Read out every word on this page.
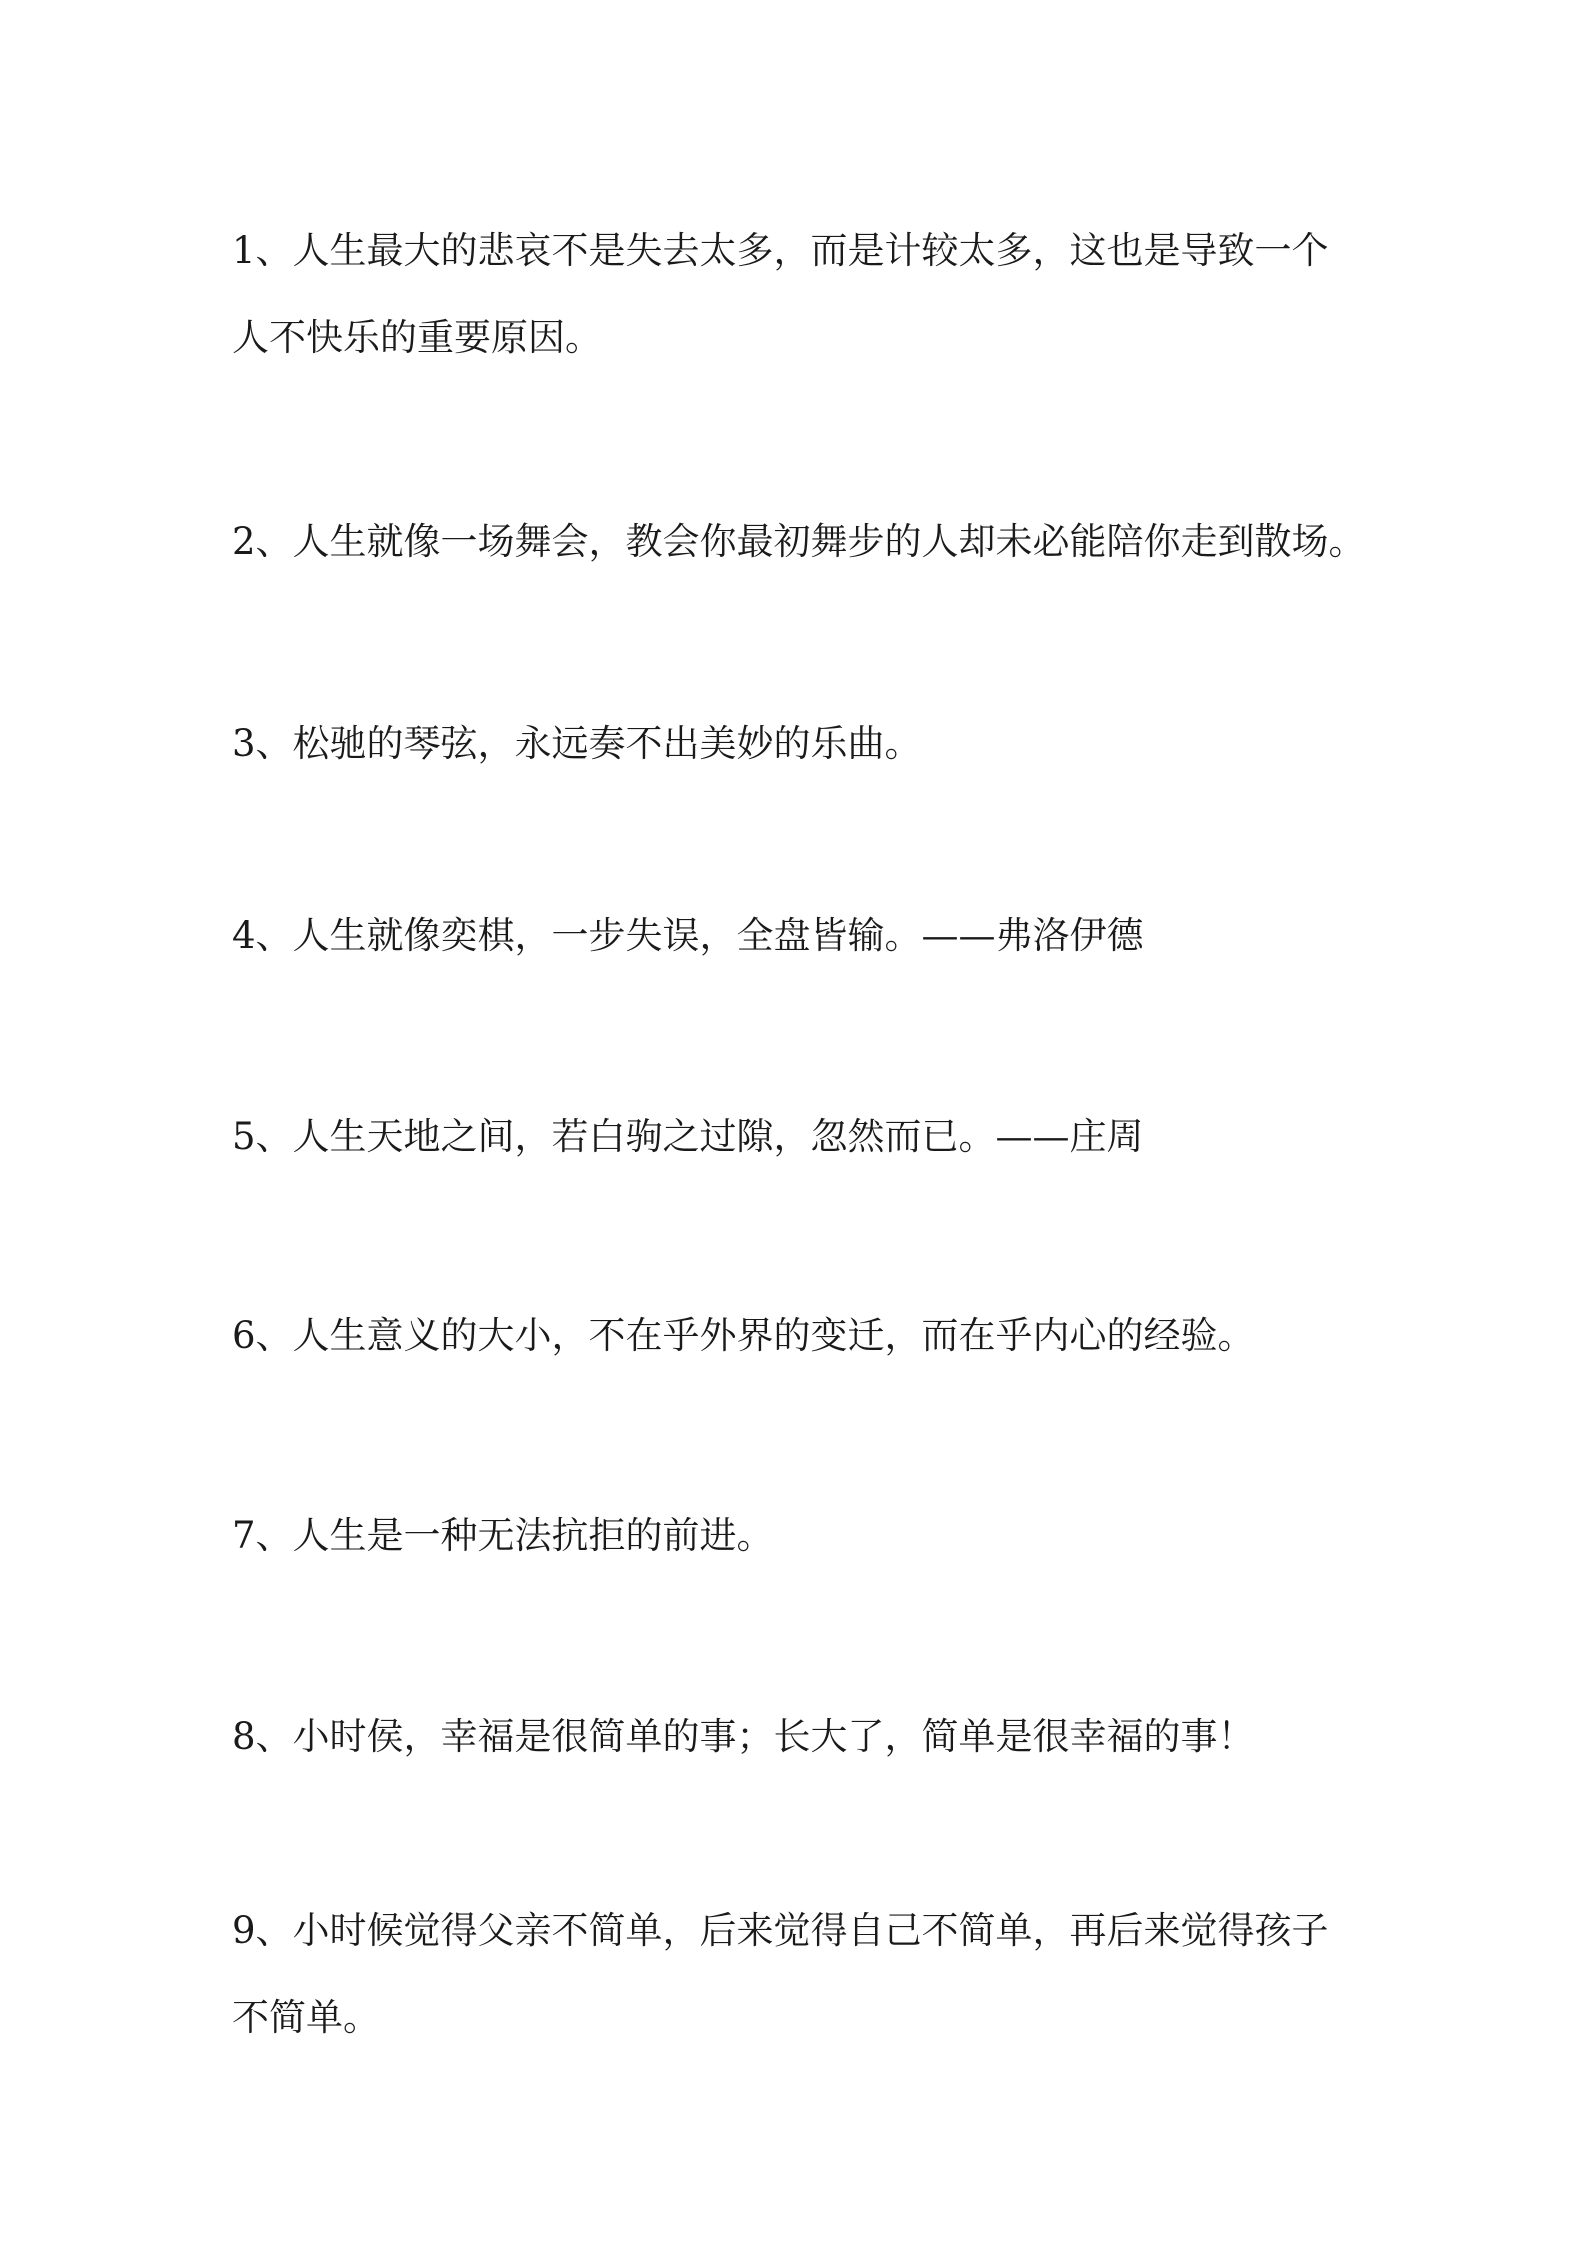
1、人生最大的悲哀不是失去太多，而是计较太多，这也是导致一个
人不快乐的重要原因。
2、人生就像一场舞会，教会你最初舞步的人却未必能陪你走到散场。
3、松驰的琴弦，永远奏不出美妙的乐曲。
4、人生就像奕棋，一步失误，全盘皆输。——弗洛伊德
5、人生天地之间，若白驹之过隙，忽然而已。——庄周
6、人生意义的大小，不在乎外界的变迁，而在乎内心的经验。
7、人生是一种无法抗拒的前进。
8、小时侯，幸福是很简单的事；长大了，简单是很幸福的事！
9、小时候觉得父亲不简单，后来觉得自己不简单，再后来觉得孩子
不简单。
